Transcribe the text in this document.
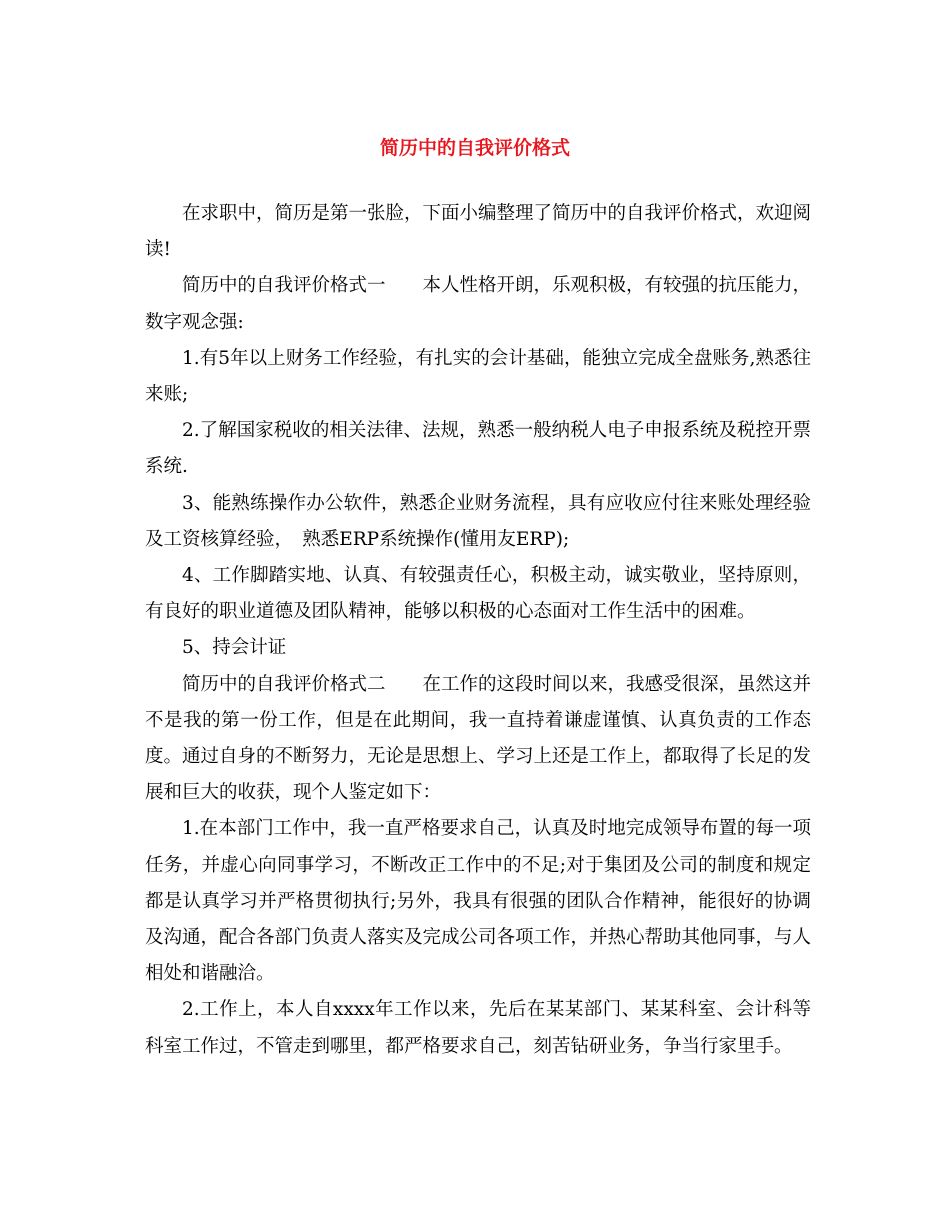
简历中的自我评价格式

在求职中，简历是第一张脸，下面小编整理了简历中的自我评价格式，欢迎阅读!

简历中的自我评价格式一　　本人性格开朗，乐观积极，有较强的抗压能力，数字观念强:

1.有5年以上财务工作经验，有扎实的会计基础，能独立完成全盘账务,熟悉往来账;

2.了解国家税收的相关法律、法规，熟悉一般纳税人电子申报系统及税控开票系统.

3、能熟练操作办公软件，熟悉企业财务流程，具有应收应付往来账处理经验及工资核算经验，　熟悉ERP系统操作(懂用友ERP);

4、工作脚踏实地、认真、有较强责任心，积极主动，诚实敬业，坚持原则，有良好的职业道德及团队精神，能够以积极的心态面对工作生活中的困难。

5、持会计证

简历中的自我评价格式二　　在工作的这段时间以来，我感受很深，虽然这并不是我的第一份工作，但是在此期间，我一直持着谦虚谨慎、认真负责的工作态度。通过自身的不断努力，无论是思想上、学习上还是工作上，都取得了长足的发展和巨大的收获，现个人鉴定如下：

1.在本部门工作中，我一直严格要求自己，认真及时地完成领导布置的每一项任务，并虚心向同事学习，不断改正工作中的不足;对于集团及公司的制度和规定都是认真学习并严格贯彻执行;另外，我具有很强的团队合作精神，能很好的协调及沟通，配合各部门负责人落实及完成公司各项工作，并热心帮助其他同事，与人相处和谐融洽。

2.工作上，本人自xxxx年工作以来，先后在某某部门、某某科室、会计科等科室工作过，不管走到哪里，都严格要求自己，刻苦钻研业务，争当行家里手。
